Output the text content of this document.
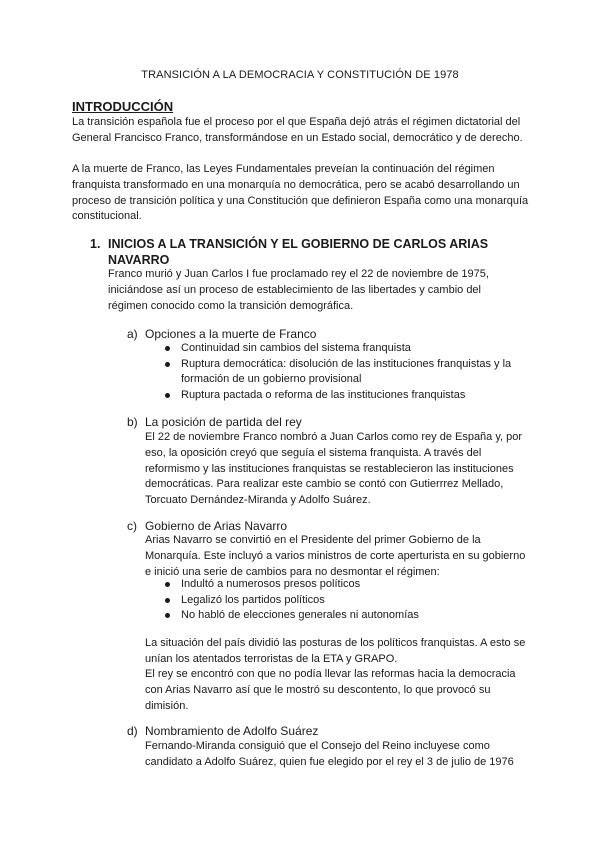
TRANSICIÓN A LA DEMOCRACIA Y CONSTITUCIÓN DE 1978
INTRODUCCIÓN

La transición española fue el proceso por el que España dejó atrás el régimen dictatorial del General Francisco Franco, transformándose en un Estado social, democrático y de derecho.

A la muerte de Franco, las Leyes Fundamentales preveían la continuación del régimen franquista transformado en una monarquía no democrática, pero se acabó desarrollando un proceso de transición política y una Constitución que definieron España como una monarquía constitucional.

1. INICIOS A LA TRANSICIÓN Y EL GOBIERNO DE CARLOS ARIAS NAVARRO

Franco murió y Juan Carlos I fue proclamado rey el 22 de noviembre de 1975, iniciándose así un proceso de establecimiento de las libertades y cambio del régimen conocido como la transición demográfica.

a) Opciones a la muerte de Franco
Continuidad sin cambios del sistema franquista
Ruptura democrática: disolución de las instituciones franquistas y la formación de un gobierno provisional
Ruptura pactada o reforma de las instituciones franquistas
b) La posición de partida del rey

El 22 de noviembre Franco nombró a Juan Carlos como rey de España y, por eso, la oposición creyó que seguía el sistema franquista. A través del reformismo y las instituciones franquistas se restablecieron las instituciones democráticas. Para realizar este cambio se contó con Gutierrrez Mellado, Torcuato Dernández-Miranda y Adolfo Suárez.

c) Gobierno de Arias Navarro

Arias Navarro se convirtió en el Presidente del primer Gobierno de la Monarquía. Este incluyó a varios ministros de corte aperturista en su gobierno e inició una serie de cambios para no desmontar el régimen:

Indultó a numerosos presos políticos
Legalizó los partidos políticos
No habló de elecciones generales ni autonomías

La situación del país dividió las posturas de los políticos franquistas. A esto se unían los atentados terroristas de la ETA y GRAPO.

El rey se encontró con que no podía llevar las reformas hacia la democracia con Arias Navarro así que le mostró su descontento, lo que provocó su dimisión.

d) Nombramiento de Adolfo Suárez

Fernando-Miranda consiguió que el Consejo del Reino incluyese como candidato a Adolfo Suárez, quien fue elegido por el rey el 3 de julio de 1976
